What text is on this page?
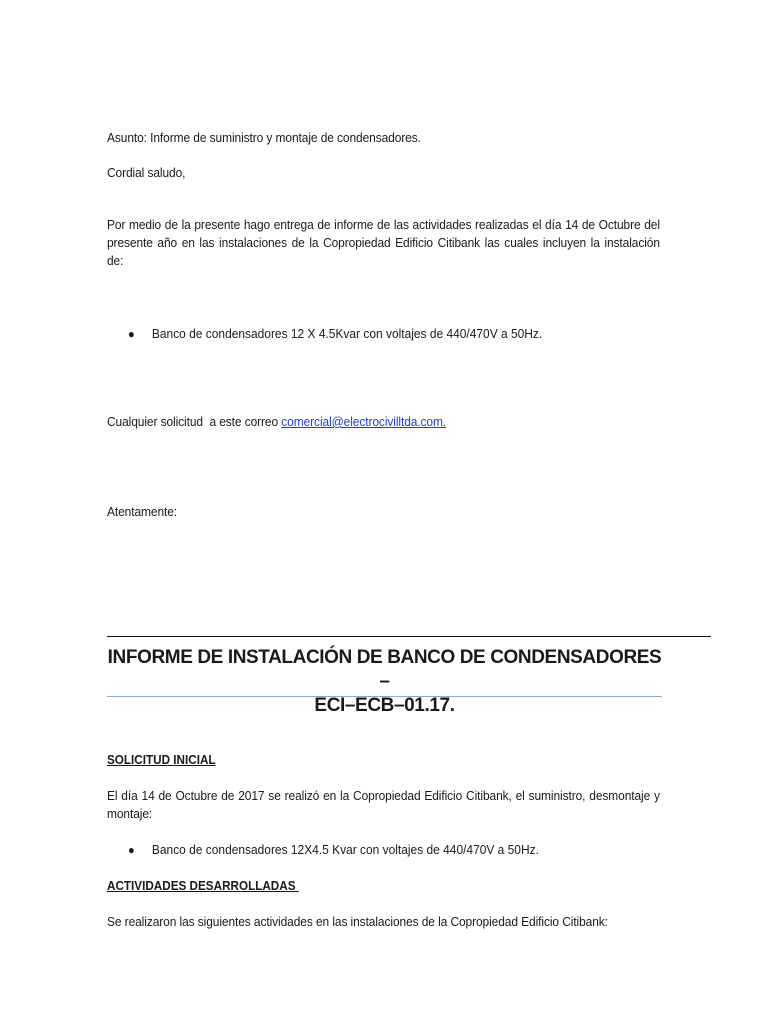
Asunto: Informe de suministro y montaje de condensadores.
Cordial saludo,
Por medio de la presente hago entrega de informe de las actividades realizadas el día 14 de Octubre del presente año en las instalaciones de la Copropiedad Edificio Citibank las cuales incluyen la instalación de:
●	Banco de condensadores 12 X 4.5Kvar con voltajes de 440/470V a 50Hz.
Cualquier solicitud  a este correo comercial@electrocivilltda.com.
Atentamente:
INFORME DE INSTALACIÓN DE BANCO DE CONDENSADORES –
ECI–ECB–01.17.
SOLICITUD INICIAL
El día 14 de Octubre de 2017 se realizó en la Copropiedad Edificio Citibank, el suministro, desmontaje y montaje:
●	Banco de condensadores 12X4.5 Kvar con voltajes de 440/470V a 50Hz.
ACTIVIDADES DESARROLLADAS
Se realizaron las siguientes actividades en las instalaciones de la Copropiedad Edificio Citibank:
